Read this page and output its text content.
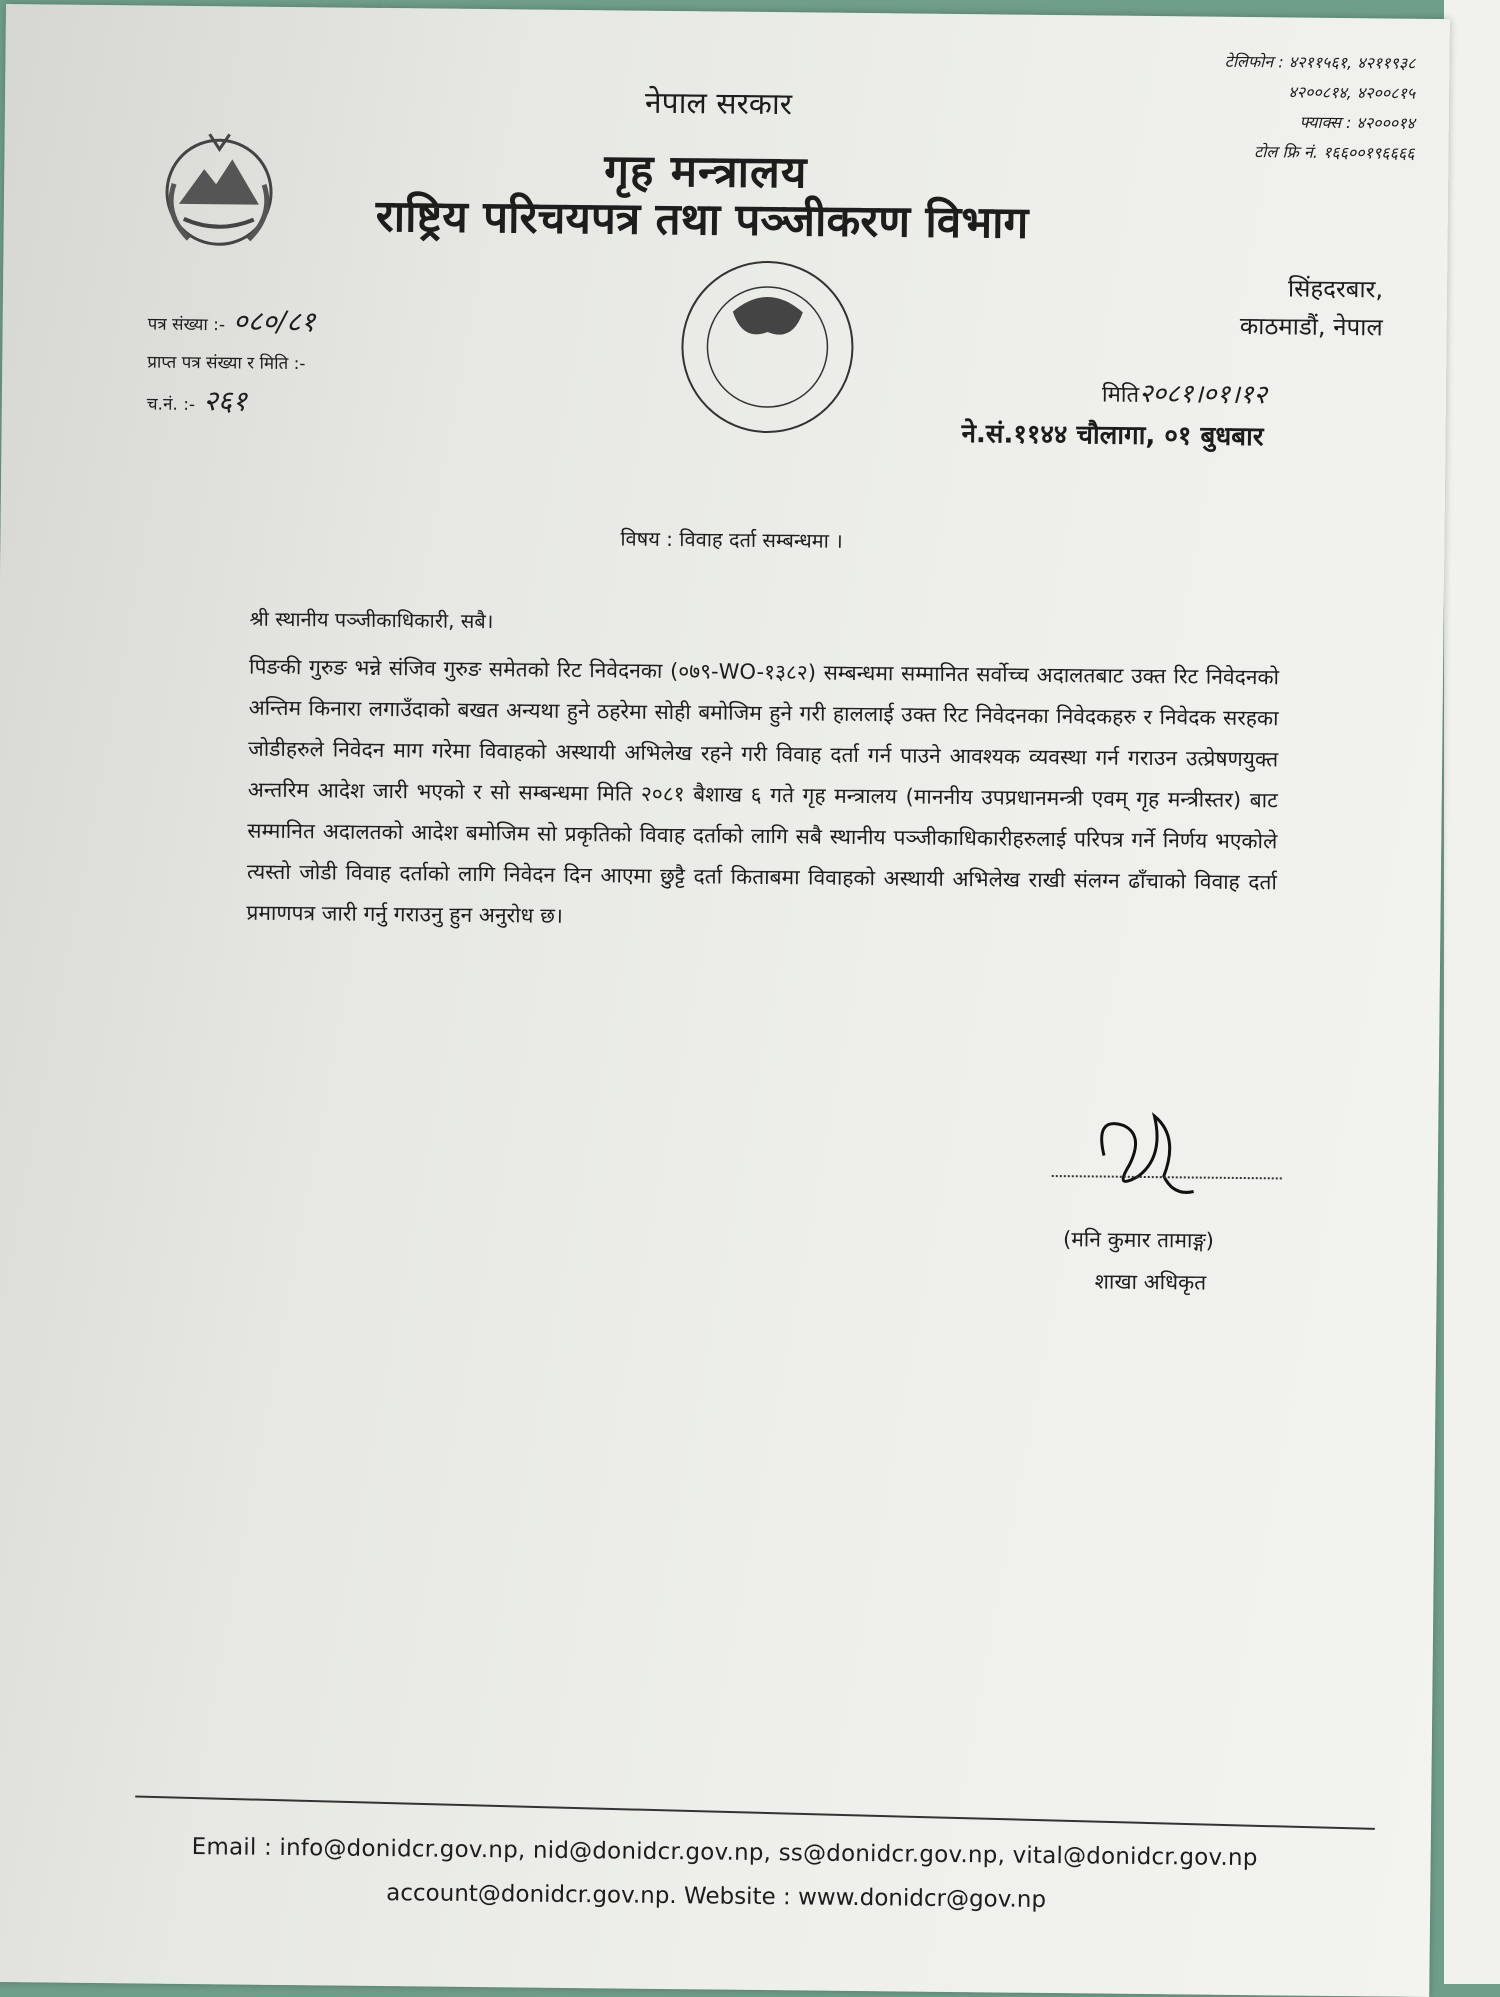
नेपाल सरकार
गृह मन्त्रालय
राष्ट्रिय परिचयपत्र तथा पञ्जीकरण विभाग
टेलिफोन : ४२११५६१, ४२११९३८
४२००८१४, ४२००८१५
फ्याक्स : ४२०००१४
टोल फ्रि नं. १६६००१९६६६६
सिंहदरबार,
काठमाडौं, नेपाल
पत्र संख्या :- ०८०/८१
प्राप्त पत्र संख्या र मिति :-
च.नं. :- २६१	मिति२०८१।०१।१२
ने.सं.११४४ चौलागा, ०१ बुधबार
विषय : विवाह दर्ता सम्बन्धमा ।
श्री स्थानीय पञ्जीकाधिकारी, सबै।
पिङकी गुरुङ भन्ने संजिव गुरुङ समेतको रिट निवेदनका (०७९-WO-१३८२) सम्बन्धमा सम्मानित सर्वोच्च अदालतबाट उक्त रिट निवेदनको अन्तिम किनारा लगाउँदाको बखत अन्यथा हुने ठहरेमा सोही बमोजिम हुने गरी हाललाई उक्त रिट निवेदनका निवेदकहरु र निवेदक सरहका जोडीहरुले निवेदन माग गरेमा विवाहको अस्थायी अभिलेख रहने गरी विवाह दर्ता गर्न पाउने आवश्यक व्यवस्था गर्न गराउन उत्प्रेषणयुक्त अन्तरिम आदेश जारी भएको र सो सम्बन्धमा मिति २०८१ बैशाख ६ गते गृह मन्त्रालय (माननीय उपप्रधानमन्त्री एवम् गृह मन्त्रीस्तर) बाट सम्मानित अदालतको आदेश बमोजिम सो प्रकृतिको विवाह दर्ताको लागि सबै स्थानीय पञ्जीकाधिकारीहरुलाई परिपत्र गर्ने निर्णय भएकोले त्यस्तो जोडी विवाह दर्ताको लागि निवेदन दिन आएमा छुट्टै दर्ता किताबमा विवाहको अस्थायी अभिलेख राखी संलग्न ढाँचाको विवाह दर्ता प्रमाणपत्र जारी गर्नु गराउनु हुन अनुरोध छ।
(मनि कुमार तामाङ्ग)
शाखा अधिकृत
Email : info@donidcr.gov.np, nid@donidcr.gov.np, ss@donidcr.gov.np, vital@donidcr.gov.np
account@donidcr.gov.np. Website : www.donidcr@gov.np
